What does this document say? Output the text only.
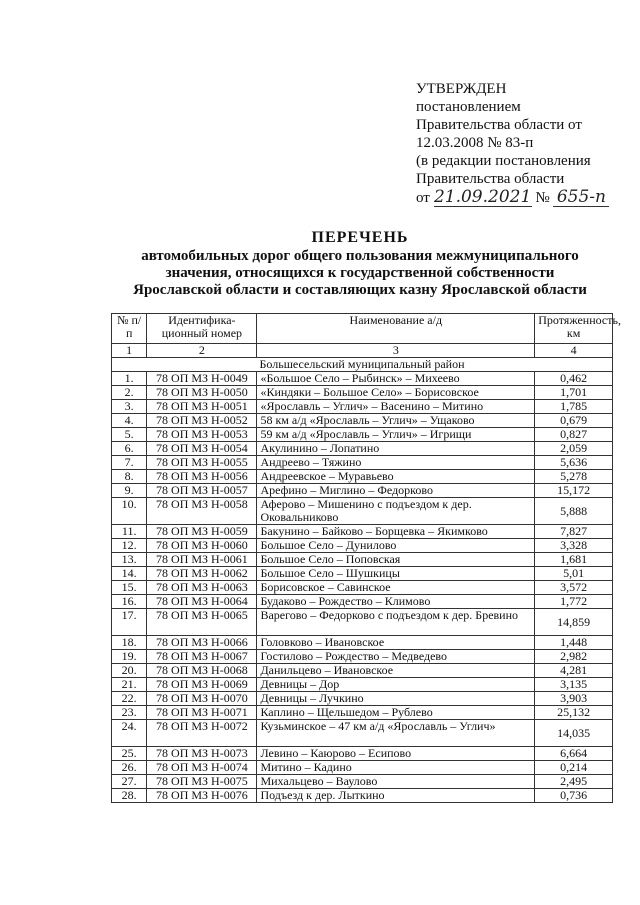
УТВЕРЖДЕН
постановлением
Правительства области от
12.03.2008 № 83-п
(в редакции постановления
Правительства области
от 21.09.2021 № 655-п
ПЕРЕЧЕНЬ
автомобильных дорог общего пользования межмуниципального
значения, относящихся к государственной собственности
Ярославской области и составляющих казну Ярославской области
№ п/п	Идентифика-ционный номер	Наименование а/д	Протяженность, км
1	2	3	4
Большесельский муниципальный район			
1.	78 ОП МЗ Н-0049	«Большое Село – Рыбинск» – Михеево	0,462
2.	78 ОП МЗ Н-0050	«Киндяки – Большое Село» – Борисовское	1,701
3.	78 ОП МЗ Н-0051	«Ярославль – Углич» – Васенино – Митино	1,785
4.	78 ОП МЗ Н-0052	58 км а/д «Ярославль – Углич» – Ущаково	0,679
5.	78 ОП МЗ Н-0053	59 км а/д «Ярославль – Углич» – Игрищи	0,827
6.	78 ОП МЗ Н-0054	Акулинино – Лопатино	2,059
7.	78 ОП МЗ Н-0055	Андреево – Тяжино	5,636
8.	78 ОП МЗ Н-0056	Андреевское – Муравьево	5,278
9.	78 ОП МЗ Н-0057	Арефино – Миглино – Федорково	15,172
10.	78 ОП МЗ Н-0058	Аферово – Мишенино с подъездом к дер. Оковальниково	5,888
11.	78 ОП МЗ Н-0059	Бакунино – Байково – Борщевка – Якимково	7,827
12.	78 ОП МЗ Н-0060	Большое Село – Дунилово	3,328
13.	78 ОП МЗ Н-0061	Большое Село – Поповская	1,681
14.	78 ОП МЗ Н-0062	Большое Село – Шушкицы	5,01
15.	78 ОП МЗ Н-0063	Борисовское – Савинское	3,572
16.	78 ОП МЗ Н-0064	Будаково – Рождество – Климово	1,772
17.	78 ОП МЗ Н-0065	Варегово – Федорково с подъездом к дер. Бревино	14,859
18.	78 ОП МЗ Н-0066	Головково – Ивановское	1,448
19.	78 ОП МЗ Н-0067	Гостилово – Рождество – Медведево	2,982
20.	78 ОП МЗ Н-0068	Данильцево – Ивановское	4,281
21.	78 ОП МЗ Н-0069	Девницы – Дор	3,135
22.	78 ОП МЗ Н-0070	Девницы – Лучкино	3,903
23.	78 ОП МЗ Н-0071	Каплино – Щельшедом – Рублево	25,132
24.	78 ОП МЗ Н-0072	Кузьминское – 47 км а/д «Ярославль – Углич»	14,035
25.	78 ОП МЗ Н-0073	Левино – Каюрово – Есипово	6,664
26.	78 ОП МЗ Н-0074	Митино – Кадино	0,214
27.	78 ОП МЗ Н-0075	Михальцево – Ваулово	2,495
28.	78 ОП МЗ Н-0076	Подъезд к дер. Лыткино	0,736
